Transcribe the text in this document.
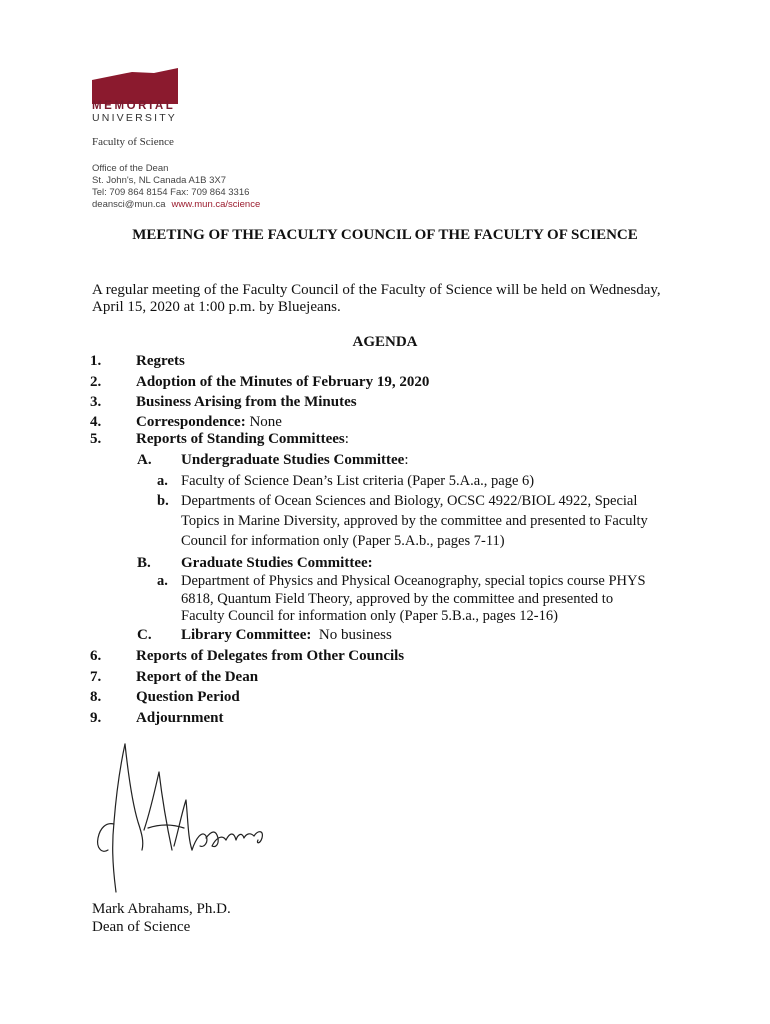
MEMORIAL
UNIVERSITY
Faculty of Science
Office of the Dean
St. John's, NL Canada A1B 3X7
Tel: 709 864 8154 Fax: 709 864 3316
deansci@mun.ca www.mun.ca/science
MEETING OF THE FACULTY COUNCIL OF THE FACULTY OF SCIENCE
A regular meeting of the Faculty Council of the Faculty of Science will be held on Wednesday,
April 15, 2020 at 1:00 p.m. by Bluejeans.
AGENDA
1. Regrets
2. Adoption of the Minutes of February 19, 2020
3. Business Arising from the Minutes
4. Correspondence: None
5. Reports of Standing Committees:
A. Undergraduate Studies Committee:
a. Faculty of Science Dean’s List criteria (Paper 5.A.a., page 6)
b. Departments of Ocean Sciences and Biology, OCSC 4922/BIOL 4922, Special
Topics in Marine Diversity, approved by the committee and presented to Faculty
Council for information only (Paper 5.A.b., pages 7-11)
B. Graduate Studies Committee:
a. Department of Physics and Physical Oceanography, special topics course PHYS
6818, Quantum Field Theory, approved by the committee and presented to
Faculty Council for information only (Paper 5.B.a., pages 12-16)
C. Library Committee:  No business
6. Reports of Delegates from Other Councils
7. Report of the Dean
8. Question Period
9. Adjournment
Mark Abrahams, Ph.D.
Dean of Science
